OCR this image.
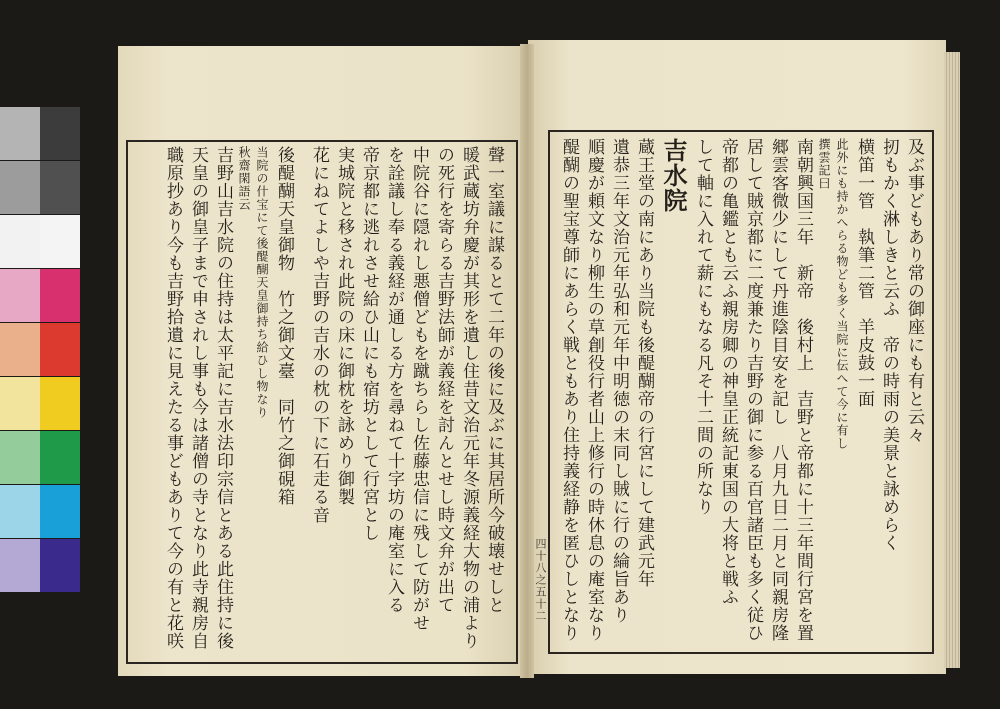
及ぶ事どもあり常の御座にも有と云々
扨もかく淋しきと云ふ　帝の時雨の美景と詠めらく
横笛一管　執筆二管　羊皮鼓一面
此外にも持かへらる物ども多く当院に伝へて今に有し
撰雲記曰
南朝興国三年　新帝　後村上　吉野と帝都に十三年間行宮を置
郷雲客微少にして丹進陰目安を記し　八月九日二月と同親房隆
居して賊京都に二度兼たり吉野の御に参る百官諸臣も多く従ひ
帝都の亀鑑とも云ふ親房卿の神皇正統記東国の大将と戦ふ
して軸に入れて薪にもなる凡そ十二間の所なり
吉水院
蔵王堂の南にあり当院も後醍醐帝の行宮にして建武元年
遺恭三年文治元年弘和元年中明徳の末同し賊に行の綸旨あり
順慶が頼文なり柳生の草創役行者山上修行の時休息の庵室なり
醍醐の聖宝尊師にあらく戦ともあり住持義経静を匿ひしとなり
聲一室議に謀るとて二年の後に及ぶに其居所今破壊せしと
暖武蔵坊弁慶が其形を遺し住昔文治元年冬源義経大物の浦より
の死行を寄らる吉野法師が義経を討んとせし時文弁が出て
中院谷に隠れし悪僧どもを蹴ちらし佐藤忠信に残して防がせ
を詮議し奉る義経が通しる方を尋ねて十字坊の庵室に入る
帝京都に逃れさせ給ひ山にも宿坊として行宮とし
実城院と移され此院の床に御枕を詠めり御製
花にねてよしや吉野の吉水の枕の下に石走る音
後醍醐天皇御物　竹之御文臺　同竹之御硯箱
当院の什宝にて後醍醐天皇御持ち給ひし物なり
秋齋閑語云
吉野山吉水院の住持は太平記に吉水法印宗信とある此住持に後
天皇の御皇子まで申されし事も今は諸僧の寺となり此寺親房自
職原抄あり今も吉野拾遺に見えたる事どもありて今の有と花咲
四十八之五十二
